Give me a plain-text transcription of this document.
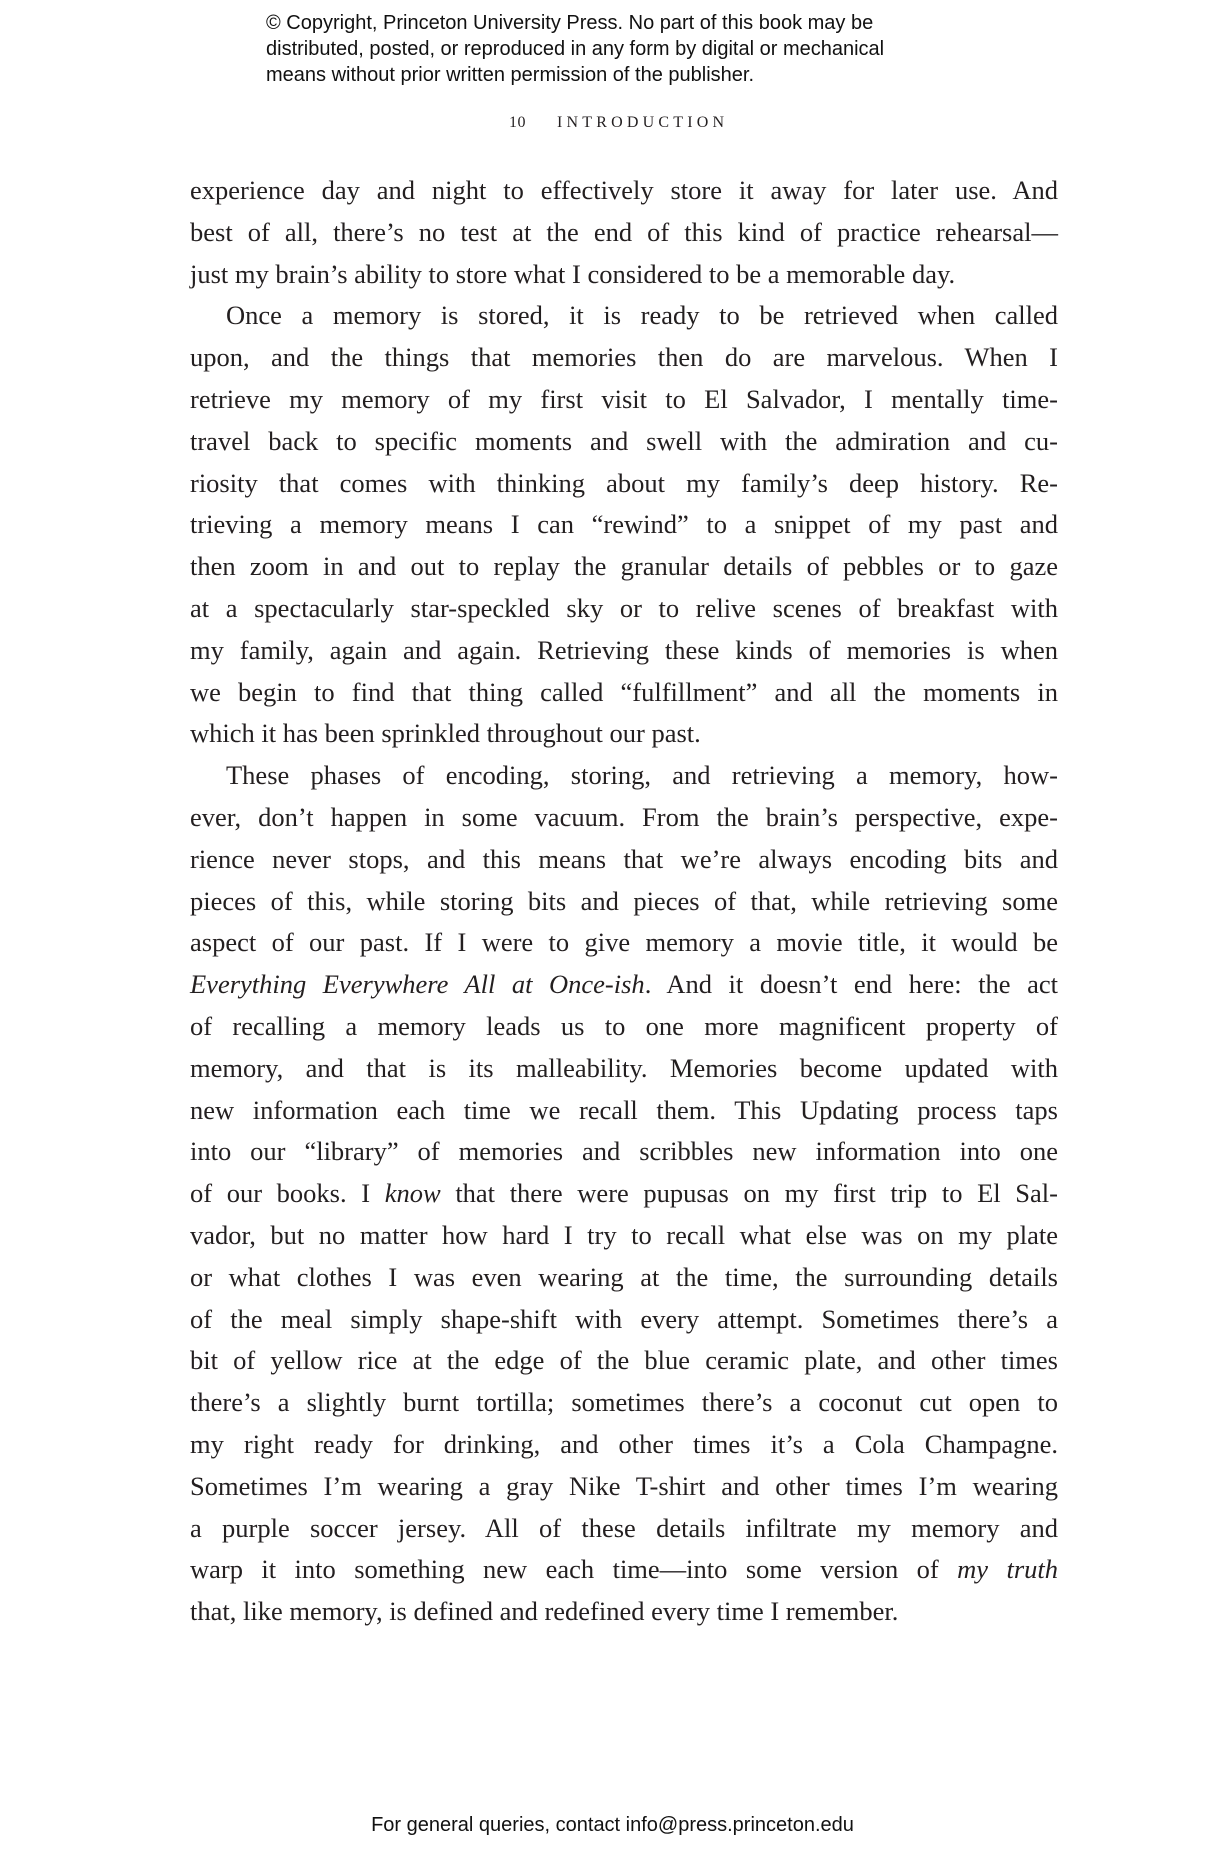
© Copyright, Princeton University Press. No part of this book may be
distributed, posted, or reproduced in any form by digital or mechanical
means without prior written permission of the publisher.
10 INTRODUCTION
experience day and night to effectively store it away for later use. And
best of all, there’s no test at the end of this kind of practice rehearsal—
just my brain’s ability to store what I considered to be a memorable day.
Once a memory is stored, it is ready to be retrieved when called
upon, and the things that memories then do are marvelous. When I
retrieve my memory of my first visit to El Salvador, I mentally time-
travel back to specific moments and swell with the admiration and cu-
riosity that comes with thinking about my family’s deep history. Re-
trieving a memory means I can “rewind” to a snippet of my past and
then zoom in and out to replay the granular details of pebbles or to gaze
at a spectacularly star-speckled sky or to relive scenes of breakfast with
my family, again and again. Retrieving these kinds of memories is when
we begin to find that thing called “fulfillment” and all the moments in
which it has been sprinkled throughout our past.
These phases of encoding, storing, and retrieving a memory, how-
ever, don’t happen in some vacuum. From the brain’s perspective, expe-
rience never stops, and this means that we’re always encoding bits and
pieces of this, while storing bits and pieces of that, while retrieving some
aspect of our past. If I were to give memory a movie title, it would be
Everything Everywhere All at Once-ish. And it doesn’t end here: the act
of recalling a memory leads us to one more magnificent property of
memory, and that is its malleability. Memories become updated with
new information each time we recall them. This Updating process taps
into our “library” of memories and scribbles new information into one
of our books. I know that there were pupusas on my first trip to El Sal-
vador, but no matter how hard I try to recall what else was on my plate
or what clothes I was even wearing at the time, the surrounding details
of the meal simply shape-shift with every attempt. Sometimes there’s a
bit of yellow rice at the edge of the blue ceramic plate, and other times
there’s a slightly burnt tortilla; sometimes there’s a coconut cut open to
my right ready for drinking, and other times it’s a Cola Champagne.
Sometimes I’m wearing a gray Nike T-shirt and other times I’m wearing
a purple soccer jersey. All of these details infiltrate my memory and
warp it into something new each time—into some version of my truth
that, like memory, is defined and redefined every time I remember.
For general queries, contact info@press.princeton.edu
